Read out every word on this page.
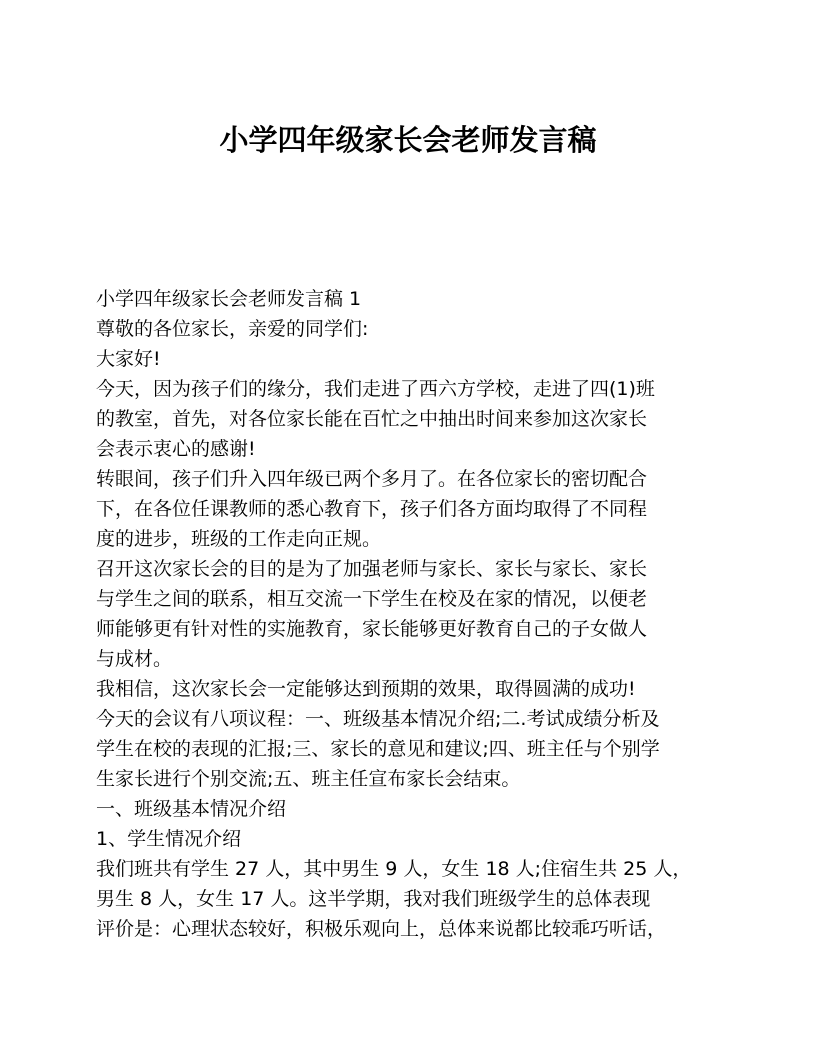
小学四年级家长会老师发言稿

小学四年级家长会老师发言稿 1

尊敬的各位家长，亲爱的同学们:

大家好!

今天，因为孩子们的缘分，我们走进了西六方学校，走进了四(1)班

的教室，首先，对各位家长能在百忙之中抽出时间来参加这次家长

会表示衷心的感谢!

转眼间，孩子们升入四年级已两个多月了。在各位家长的密切配合

下，在各位任课教师的悉心教育下，孩子们各方面均取得了不同程

度的进步，班级的工作走向正规。

召开这次家长会的目的是为了加强老师与家长、家长与家长、家长

与学生之间的联系，相互交流一下学生在校及在家的情况，以便老

师能够更有针对性的实施教育，家长能够更好教育自己的子女做人

与成材。

我相信，这次家长会一定能够达到预期的效果，取得圆满的成功!

今天的会议有八项议程：一、班级基本情况介绍;二.考试成绩分析及

学生在校的表现的汇报;三、家长的意见和建议;四、班主任与个别学

生家长进行个别交流;五、班主任宣布家长会结束。

一、班级基本情况介绍

1、学生情况介绍

我们班共有学生 27 人，其中男生 9 人，女生 18 人;住宿生共 25 人，

男生 8 人，女生 17 人。这半学期，我对我们班级学生的总体表现

评价是：心理状态较好，积极乐观向上，总体来说都比较乖巧听话，
